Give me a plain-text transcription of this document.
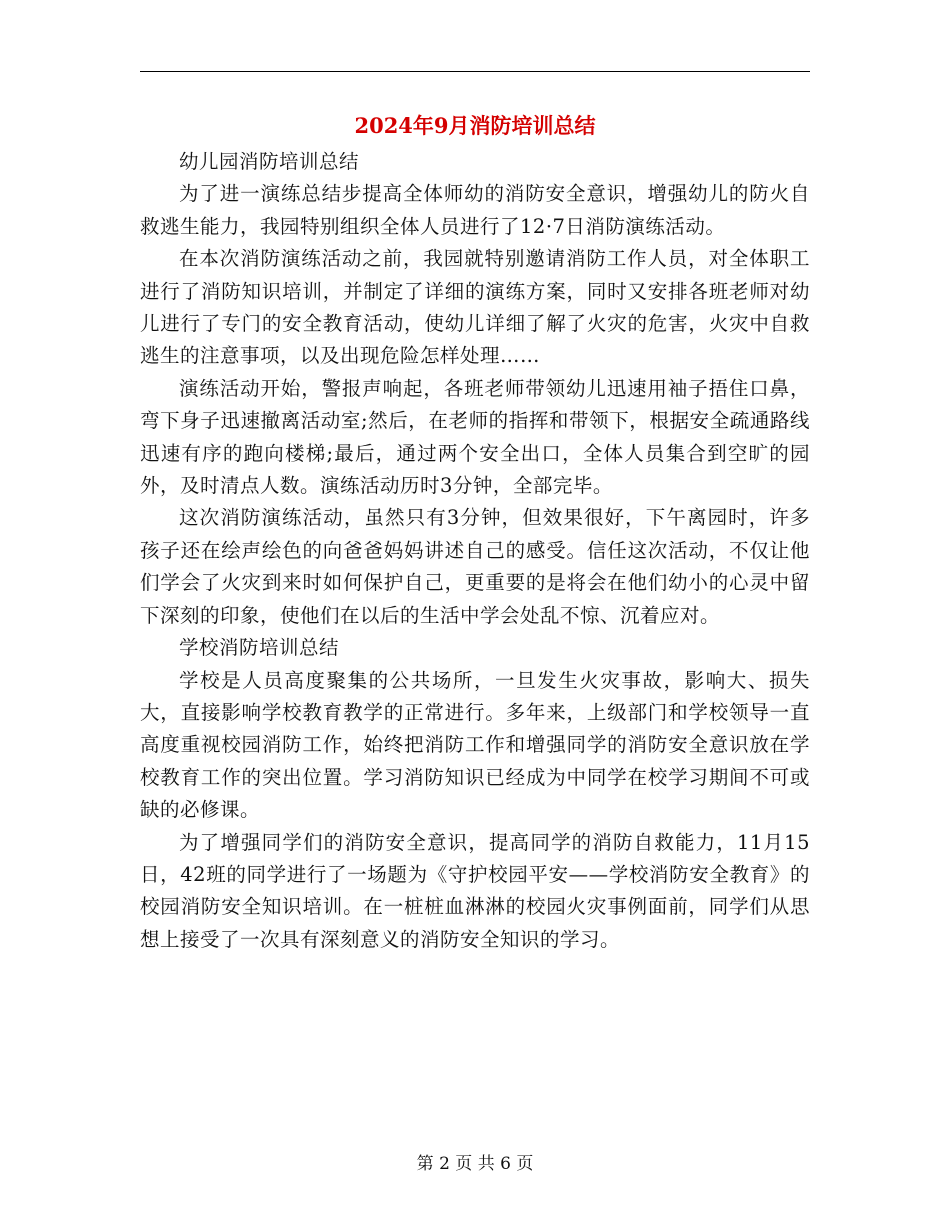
2024年9月消防培训总结

幼儿园消防培训总结

为了进一演练总结步提高全体师幼的消防安全意识，增强幼儿的防火自救逃生能力，我园特别组织全体人员进行了12·7日消防演练活动。

在本次消防演练活动之前，我园就特别邀请消防工作人员，对全体职工进行了消防知识培训，并制定了详细的演练方案，同时又安排各班老师对幼儿进行了专门的安全教育活动，使幼儿详细了解了火灾的危害，火灾中自救逃生的注意事项，以及出现危险怎样处理……

演练活动开始，警报声响起，各班老师带领幼儿迅速用袖子捂住口鼻，弯下身子迅速撤离活动室;然后，在老师的指挥和带领下，根据安全疏通路线迅速有序的跑向楼梯;最后，通过两个安全出口，全体人员集合到空旷的园外，及时清点人数。演练活动历时3分钟，全部完毕。

这次消防演练活动，虽然只有3分钟，但效果很好，下午离园时，许多孩子还在绘声绘色的向爸爸妈妈讲述自己的感受。信任这次活动，不仅让他们学会了火灾到来时如何保护自己，更重要的是将会在他们幼小的心灵中留下深刻的印象，使他们在以后的生活中学会处乱不惊、沉着应对。

学校消防培训总结

学校是人员高度聚集的公共场所，一旦发生火灾事故，影响大、损失大，直接影响学校教育教学的正常进行。多年来，上级部门和学校领导一直高度重视校园消防工作，始终把消防工作和增强同学的消防安全意识放在学校教育工作的突出位置。学习消防知识已经成为中同学在校学习期间不可或缺的必修课。

为了增强同学们的消防安全意识，提高同学的消防自救能力，11月15日，42班的同学进行了一场题为《守护校园平安——学校消防安全教育》的校园消防安全知识培训。在一桩桩血淋淋的校园火灾事例面前，同学们从思想上接受了一次具有深刻意义的消防安全知识的学习。

第 2 页 共 6 页
